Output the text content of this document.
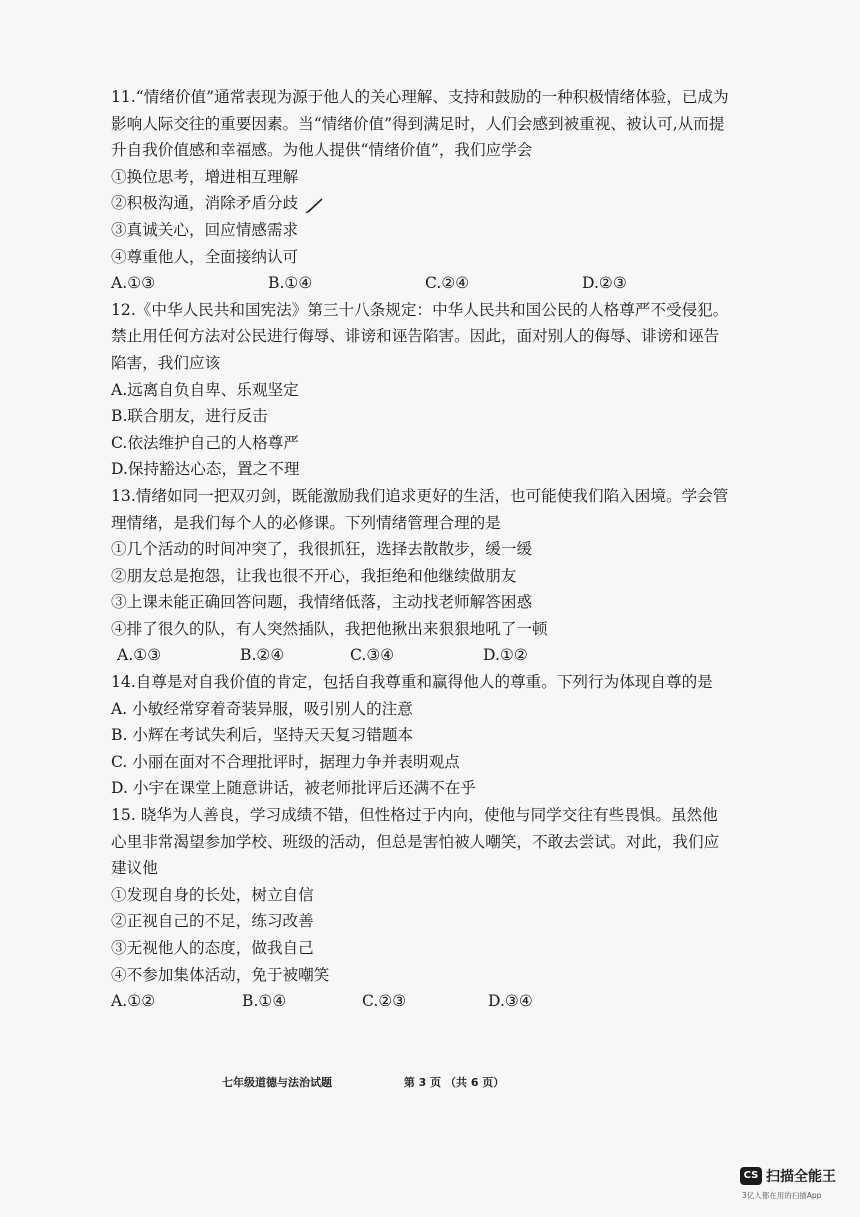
11.“情绪价值”通常表现为源于他人的关心理解、支持和鼓励的一种积极情绪体验，已成为
影响人际交往的重要因素。当“情绪价值”得到满足时，人们会感到被重视、被认可,从而提
升自我价值感和幸福感。为他人提供“情绪价值”，我们应学会
①换位思考，增进相互理解
②积极沟通，消除矛盾分歧
③真诚关心，回应情感需求
④尊重他人，全面接纳认可
A.①③	B.①④	C.②④	D.②③
12.《中华人民共和国宪法》第三十八条规定：中华人民共和国公民的人格尊严不受侵犯。
禁止用任何方法对公民进行侮辱、诽谤和诬告陷害。因此，面对别人的侮辱、诽谤和诬告
陷害，我们应该
A.远离自负自卑、乐观坚定
B.联合朋友，进行反击
C.依法维护自己的人格尊严
D.保持豁达心态，置之不理
13.情绪如同一把双刃剑，既能激励我们追求更好的生活，也可能使我们陷入困境。学会管
理情绪，是我们每个人的必修课。下列情绪管理合理的是
①几个活动的时间冲突了，我很抓狂，选择去散散步，缓一缓
②朋友总是抱怨，让我也很不开心，我拒绝和他继续做朋友
③上课未能正确回答问题，我情绪低落，主动找老师解答困惑
④排了很久的队，有人突然插队，我把他揪出来狠狠地吼了一顿
A.①③	B.②④	C.③④	D.①②
14.自尊是对自我价值的肯定，包括自我尊重和赢得他人的尊重。下列行为体现自尊的是
A. 小敏经常穿着奇装异服，吸引别人的注意
B. 小辉在考试失利后，坚持天天复习错题本
C. 小丽在面对不合理批评时，据理力争并表明观点
D. 小宇在课堂上随意讲话，被老师批评后还满不在乎
15. 晓华为人善良，学习成绩不错，但性格过于内向，使他与同学交往有些畏惧。虽然他
心里非常渴望参加学校、班级的活动，但总是害怕被人嘲笑，不敢去尝试。对此，我们应
建议他
①发现自身的长处，树立自信
②正视自己的不足，练习改善
③无视他人的态度，做我自己
④不参加集体活动，免于被嘲笑
A.①②	B.①④	C.②③	D.③④
七年级道德与法治试题	第 3 页 （共 6 页）
CS 扫描全能王
3亿人都在用的扫描App
